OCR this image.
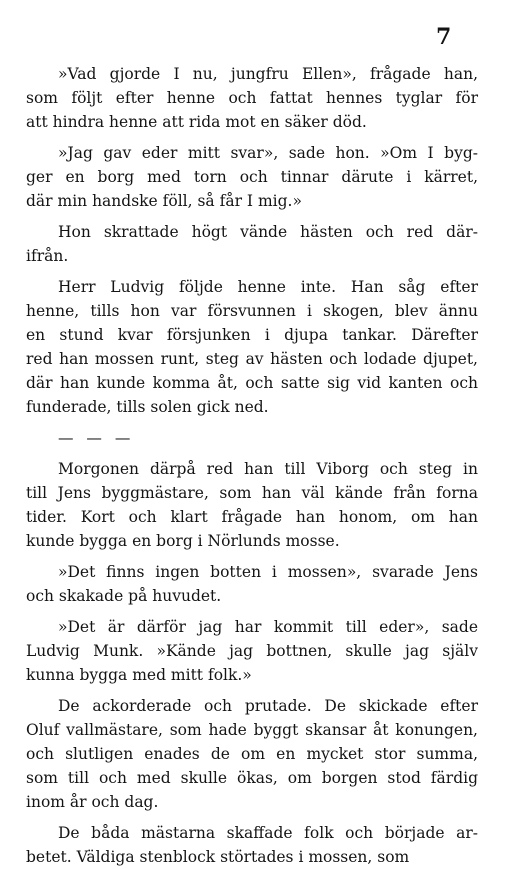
7
»Vad gjorde I nu, jungfru Ellen», frågade han,
som följt efter henne och fattat hennes tyglar för
att hindra henne att rida mot en säker död.
»Jag gav eder mitt svar», sade hon. »Om I byg-
ger en borg med torn och tinnar därute i kärret,
där min handske föll, så får I mig.»
Hon skrattade högt vände hästen och red där-
ifrån.
Herr Ludvig följde henne inte. Han såg efter
henne, tills hon var försvunnen i skogen, blev ännu
en stund kvar försjunken i djupa tankar. Därefter
red han mossen runt, steg av hästen och lodade djupet,
där han kunde komma åt, och satte sig vid kanten och
funderade, tills solen gick ned.
— — —
Morgonen därpå red han till Viborg och steg in
till Jens byggmästare, som han väl kände från forna
tider. Kort och klart frågade han honom, om han
kunde bygga en borg i Nörlunds mosse.
»Det finns ingen botten i mossen», svarade Jens
och skakade på huvudet.
»Det är därför jag har kommit till eder», sade
Ludvig Munk. »Kände jag bottnen, skulle jag själv
kunna bygga med mitt folk.»
De ackorderade och prutade. De skickade efter
Oluf vallmästare, som hade byggt skansar åt konungen,
och slutligen enades de om en mycket stor summa,
som till och med skulle ökas, om borgen stod färdig
inom år och dag.
De båda mästarna skaffade folk och började ar-
betet. Väldiga stenblock störtades i mossen, som
